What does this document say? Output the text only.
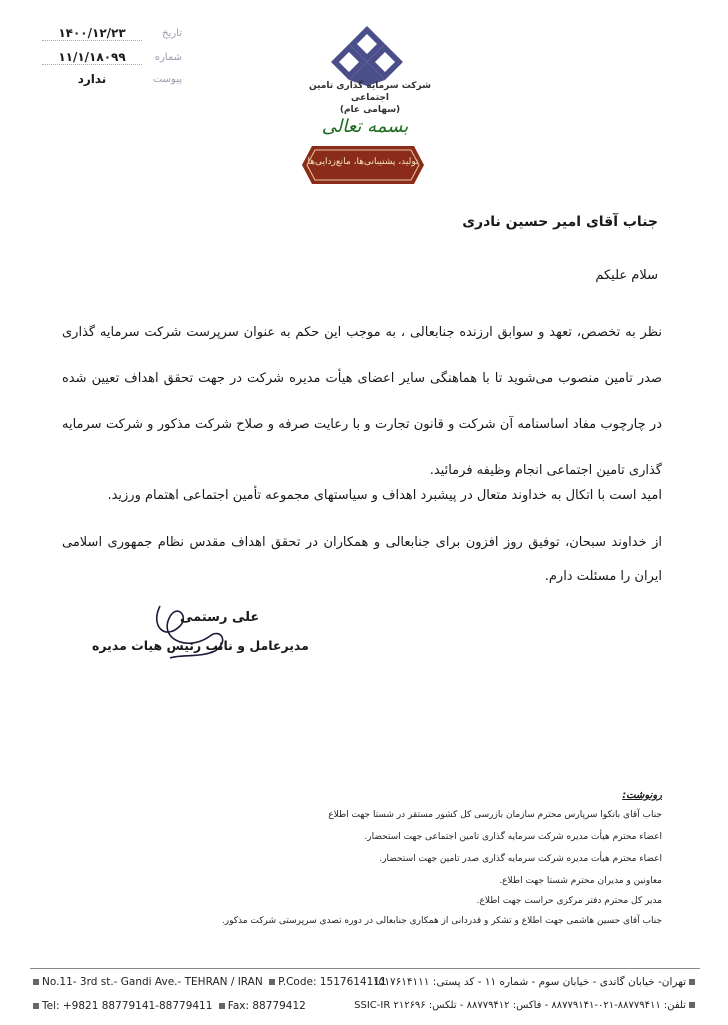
۱۴۰۰/۱۲/۲۳	تاریخ
۱۱/۱/۱۸۰۹۹	شماره
ندارد	پیوست
شرکت سرمایه گذاری تامین اجتماعی
(سهامی عام)
بسمه تعالی
تولید، پشتیبانی‌ها، مانع‌زدایی‌ها
جناب آقای امیر حسین نادری
سلام علیکم
نظر به تخصص، تعهد و سوابق ارزنده جنابعالی ، به موجب این حکم به عنوان سرپرست شرکت سرمایه گذاری صدر تامین منصوب می‌شوید تا با هماهنگی سایر اعضای هیأت مدیره شرکت در جهت تحقق اهداف تعیین شده در چارچوب مفاد اساسنامه آن شرکت و قانون تجارت و با رعایت صرفه و صلاح شرکت مذکور و شرکت سرمایه گذاری تامین اجتماعی انجام وظیفه فرمائید.
امید است با اتکال به خداوند متعال در پیشبرد اهداف و سیاستهای مجموعه تأمین اجتماعی اهتمام ورزید.
از خداوند سبحان، توفیق روز افزون برای جنابعالی و همکاران در تحقق اهداف مقدس نظام جمهوری اسلامی ایران را مسئلت دارم.
علی رستمی
مدیرعامل و نائب رئیس هیات مدیره
رونوشت:
جناب آقای بانکوا سرپارس محترم سازمان بازرسی کل کشور مستقر در شستا جهت اطلاع
اعضاء محترم هیأت مدیره شرکت سرمایه گذاری تامین اجتماعی جهت استحضار.
اعضاء محترم هیأت مدیره شرکت سرمایه گذاری صدر تامین جهت استحضار.
معاونین و مدیران محترم شستا جهت اطلاع.
مدیر کل محترم دفتر مرکزی حراست جهت اطلاع.
جناب آقای حسین هاشمی جهت اطلاع و تشکر و قدردانی از همکاری جنابعالی در دوره تصدی سرپرستی شرکت مذکور.
No.11- 3rd st.- Gandi Ave.- TEHRAN / IRAN P.Code: 1517614111
تهران- خیابان گاندی - خیابان سوم - شماره ۱۱ - کد پستی: ۱۵۱۷۶۱۴۱۱۱
Tel: +9821 88779141-88779411 Fax: 88779412	تلفن: ۸۸۷۷۹۴۱۱-۰۲۱-۸۸۷۷۹۱۴۱ - فاکس: ۸۸۷۷۹۴۱۲ - تلکس: SSIC-IR ۲۱۲۶۹۶
